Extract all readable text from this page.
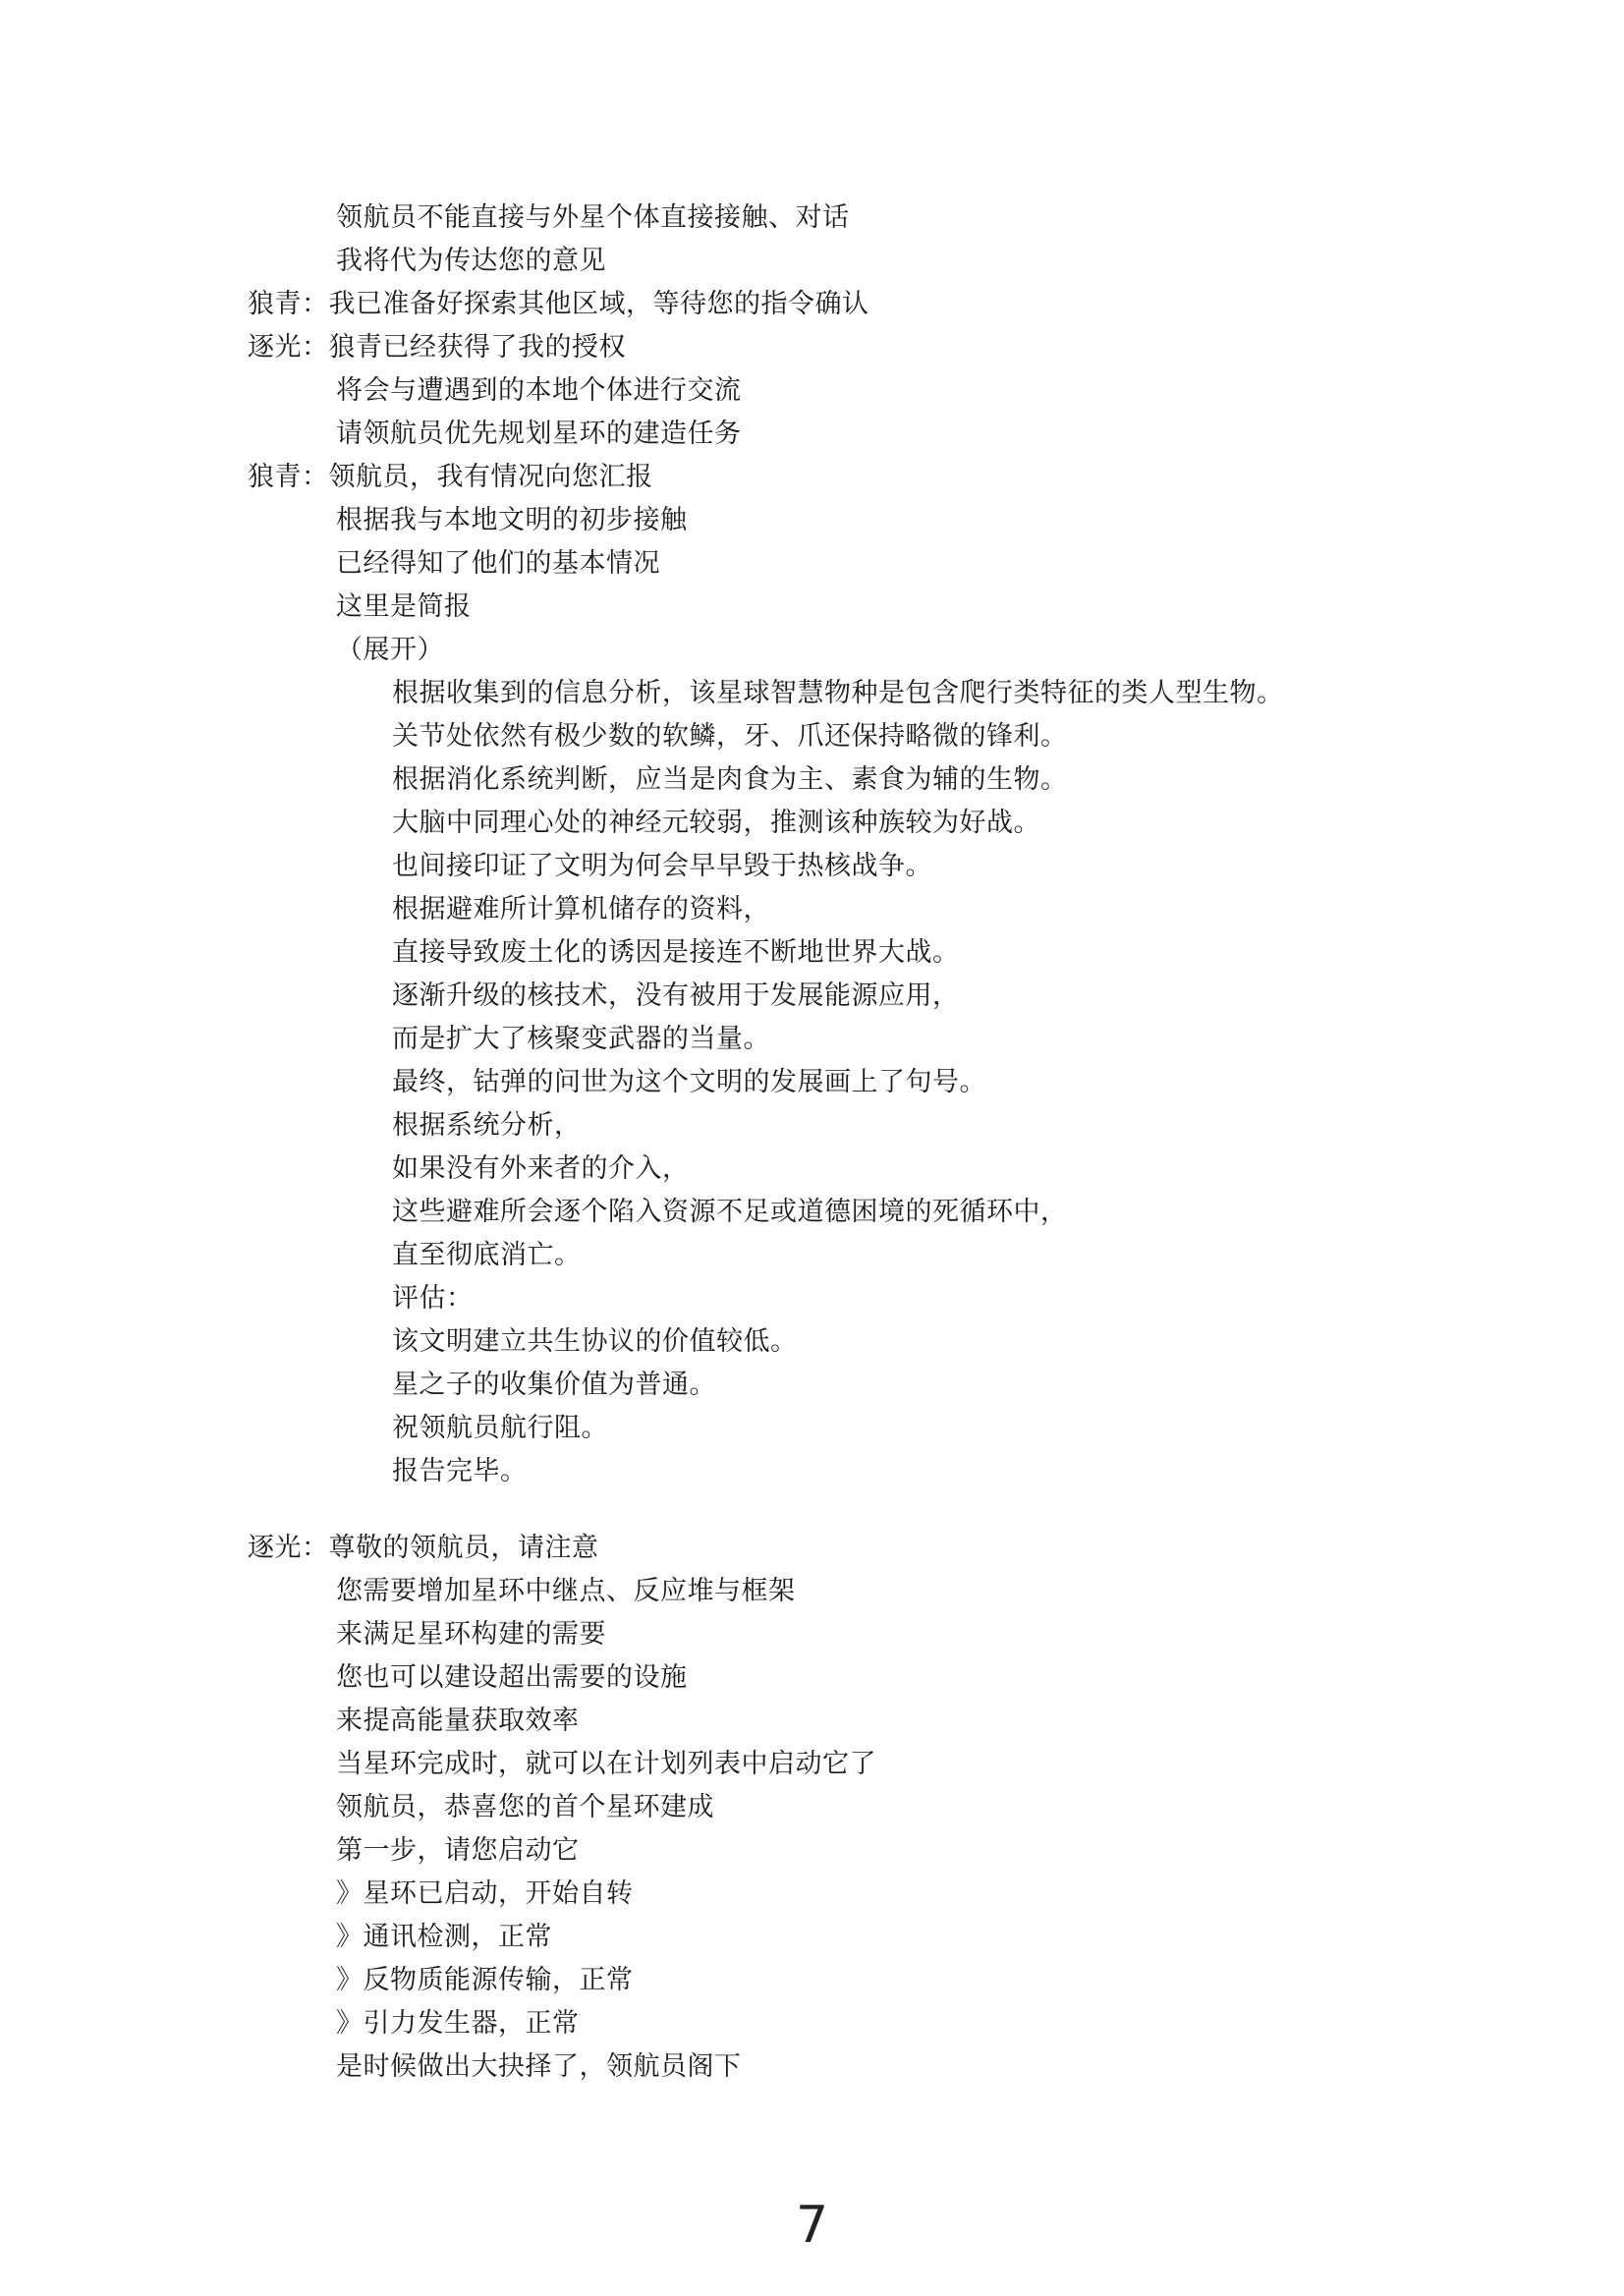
领航员不能直接与外星个体直接接触、对话
我将代为传达您的意见
狼青：我已准备好探索其他区域，等待您的指令确认
逐光：狼青已经获得了我的授权
将会与遭遇到的本地个体进行交流
请领航员优先规划星环的建造任务
狼青：领航员，我有情况向您汇报
根据我与本地文明的初步接触
已经得知了他们的基本情况
这里是简报
（展开）
根据收集到的信息分析，该星球智慧物种是包含爬行类特征的类人型生物。
关节处依然有极少数的软鳞，牙、爪还保持略微的锋利。
根据消化系统判断，应当是肉食为主、素食为辅的生物。
大脑中同理心处的神经元较弱，推测该种族较为好战。
也间接印证了文明为何会早早毁于热核战争。
根据避难所计算机储存的资料，
直接导致废土化的诱因是接连不断地世界大战。
逐渐升级的核技术，没有被用于发展能源应用，
而是扩大了核聚变武器的当量。
最终，钴弹的问世为这个文明的发展画上了句号。
根据系统分析，
如果没有外来者的介入，
这些避难所会逐个陷入资源不足或道德困境的死循环中，
直至彻底消亡。
评估：
该文明建立共生协议的价值较低。
星之子的收集价值为普通。
祝领航员航行阻。
报告完毕。
逐光：尊敬的领航员，请注意
您需要增加星环中继点、反应堆与框架
来满足星环构建的需要
您也可以建设超出需要的设施
来提高能量获取效率
当星环完成时，就可以在计划列表中启动它了
领航员，恭喜您的首个星环建成
第一步，请您启动它
》星环已启动，开始自转
》通讯检测，正常
》反物质能源传输，正常
》引力发生器，正常
是时候做出大抉择了，领航员阁下
7
